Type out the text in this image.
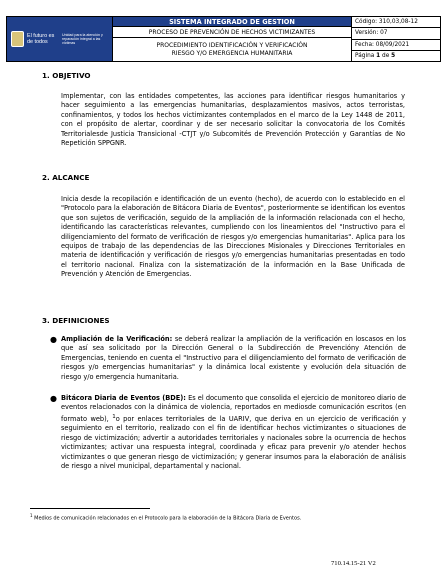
El futuro es de todos
Unidad para la atención y reparación integral a las víctimas
SISTEMA INTEGRADO DE GESTION
PROCESO DE PREVENCIÓN DE HECHOS VICTIMIZANTES
PROCEDIMIENTO IDENTIFICACIÓN Y VERIFICACIÓN
RIESGO Y/O EMERGENCIA HUMANITARIA
Código: 310,03,08-12
Versión: 07
Fecha: 08/09/2021
Página
1
de
5
1. OBJETIVO
Implementar, con las entidades competentes, las acciones para identificar riesgos humanitarios y hacer seguimiento a las emergencias humanitarias, desplazamientos masivos, actos terroristas, confinamientos, y todos los hechos victimizantes contemplados en el marco de la Ley 1448 de 2011, con el propósito de alertar, coordinar y de ser necesario solicitar la convocatoria de los Comités Territorialesde Justicia Transicional -CTJT y/o Subcomités de Prevención Protección y Garantías de No Repetición SPPGNR.
2. ALCANCE
Inicia desde la recopilación e identificación de un evento (hecho), de acuerdo con lo establecido en el "Protocolo para la elaboración de Bitácora Diaria de Eventos", posteriormente se identifican los eventos que son sujetos de verificación, seguido de la ampliación de la información relacionada con el hecho, identificando las características relevantes, cumpliendo con los lineamientos del "Instructivo para el diligenciamiento del formato de verificación de riesgos y/o emergencias humanitarias". Aplica para los equipos de trabajo de las dependencias de las Direcciones Misionales y Direcciones Territoriales en materia de identificación y verificación de riesgos y/o emergencias humanitarias presentadas en todo el territorio nacional. Finaliza con la sistematización de la información en la Base Unificada de Prevención y Atención de Emergencias.
3. DEFINICIONES
● Ampliación de la Verificación: se deberá realizar la ampliación de la verificación en loscasos en los que así sea solicitado por la Dirección General o la Subdirección de Prevencióny Atención de Emergencias, teniendo en cuenta el "Instructivo para el diligenciamiento del formato de verificación de riesgos y/o emergencias humanitarias" y la dinámica local existente y evolución dela situación de riesgo y/o emergencia humanitaria.
● Bitácora Diaria de Eventos (BDE): Es el documento que consolida el ejercicio de monitoreo diario de eventos relacionados con la dinámica de violencia, reportados en mediosde comunicación escritos (en formato web), $^1$o por enlaces territoriales de la UARIV, que deriva en un ejercicio de verificación y seguimiento en el territorio, realizado con el fin de identificar hechos victimizantes o situaciones de riesgo de victimización; advertir a autoridades territoriales y nacionales sobre la ocurrencia de hechos victimizantes; activar una respuesta integral, coordinada y eficaz para prevenir y/o atender hechos victimizantes o que generan riesgo de victimización; y generar insumos para la elaboración de análisis de riesgo a nivel municipal, departamental y nacional.
$^1$ Medios de comunicación relacionados en el Protocolo para la elaboración de la Bitácora Diaria de Eventos.
710.14.15-21 V2
